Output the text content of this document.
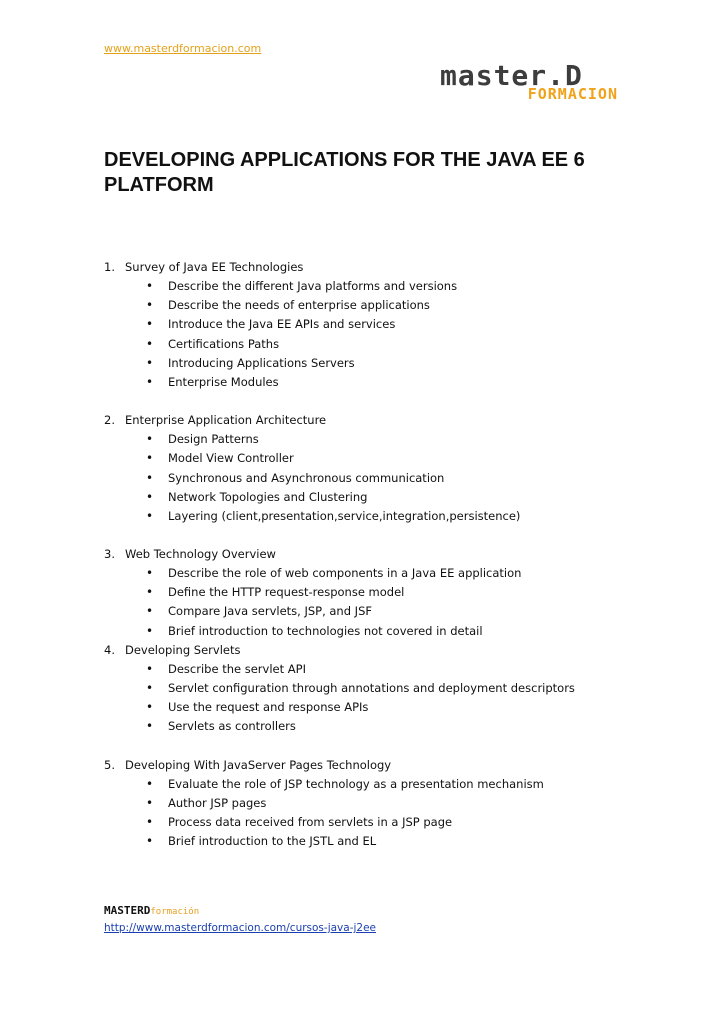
www.masterdformacion.com
master.D
FORMACION
DEVELOPING APPLICATIONS FOR THE JAVA EE 6 PLATFORM
1. Survey of Java EE Technologies
• Describe the different Java platforms and versions
• Describe the needs of enterprise applications
• Introduce the Java EE APIs and services
• Certifications Paths
• Introducing Applications Servers
• Enterprise Modules
2. Enterprise Application Architecture
• Design Patterns
• Model View Controller
• Synchronous and Asynchronous communication
• Network Topologies and Clustering
• Layering (client,presentation,service,integration,persistence)
3. Web Technology Overview
• Describe the role of web components in a Java EE application
• Define the HTTP request-response model
• Compare Java servlets, JSP, and JSF
• Brief introduction to technologies not covered in detail
4. Developing Servlets
• Describe the servlet API
• Servlet configuration through annotations and deployment descriptors
• Use the request and response APIs
• Servlets as controllers
5. Developing With JavaServer Pages Technology
• Evaluate the role of JSP technology as a presentation mechanism
• Author JSP pages
• Process data received from servlets in a JSP page
• Brief introduction to the JSTL and EL
MASTERDformación
http://www.masterdformacion.com/cursos-java-j2ee
